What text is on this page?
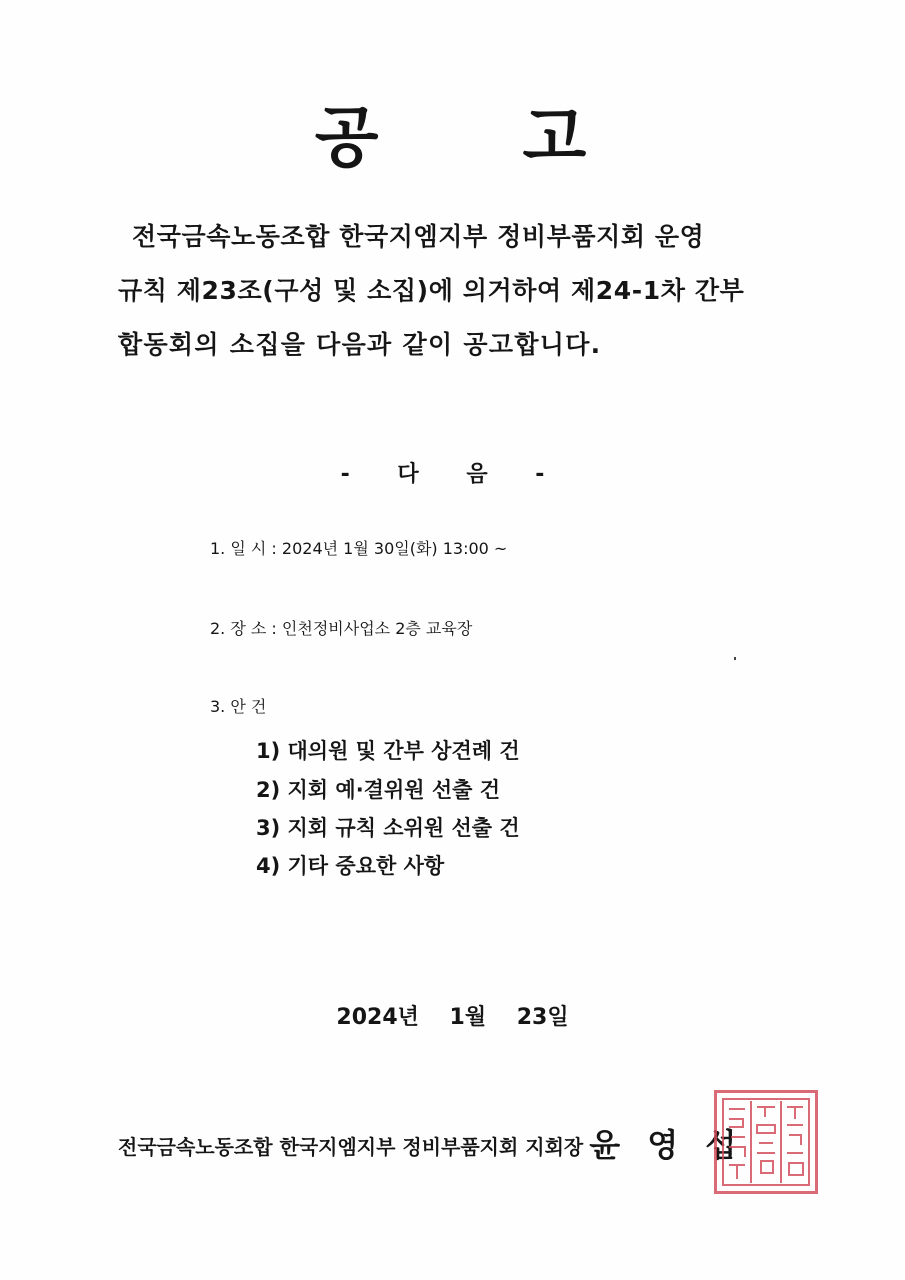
공 고
전국금속노동조합 한국지엠지부 정비부품지회 운영
규칙 제23조(구성 및 소집)에 의거하여 제24-1차 간부
합동회의 소집을 다음과 같이 공고합니다.
- 다 음 -
1. 일 시 : 2024년 1월 30일(화) 13:00 ~
2. 장 소 : 인천정비사업소 2층 교육장
3. 안 건
1) 대의원 및 간부 상견례 건
2) 지회 예·결위원 선출 건
3) 지회 규칙 소위원 선출 건
4) 기타 중요한 사항
2024년    1월    23일
전국금속노동조합 한국지엠지부 정비부품지회 지회장 윤 영 섭
